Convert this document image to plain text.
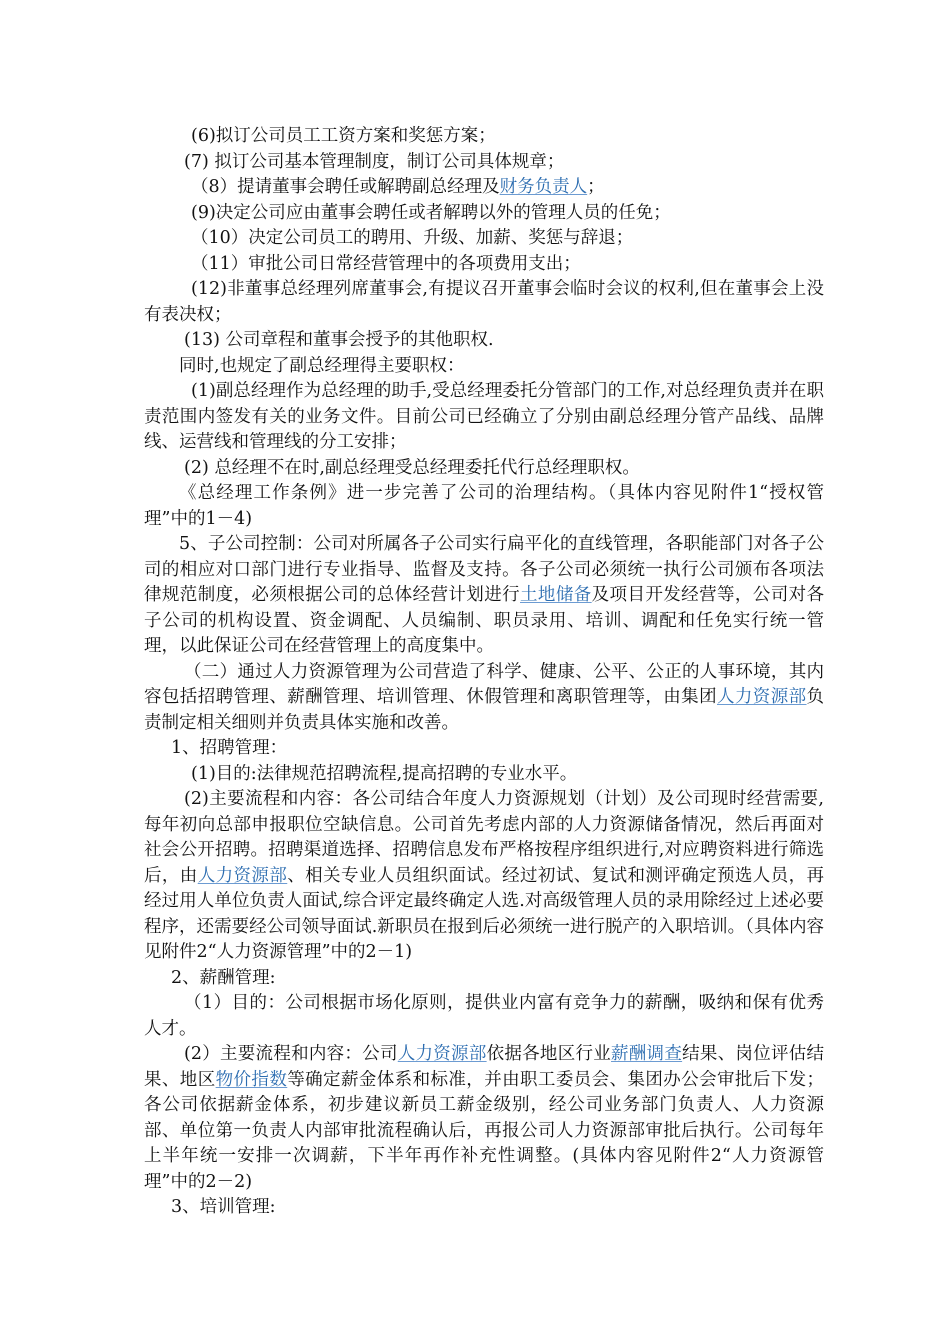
(6)拟订公司员工工资方案和奖惩方案；

(7) 拟订公司基本管理制度，制订公司具体规章；

（8）提请董事会聘任或解聘副总经理及财务负责人；

(9)决定公司应由董事会聘任或者解聘以外的管理人员的任免；

（10）决定公司员工的聘用、升级、加薪、奖惩与辞退；

（11）审批公司日常经营管理中的各项费用支出；

(12)非董事总经理列席董事会,有提议召开董事会临时会议的权利,但在董事会上没有表决权；

(13) 公司章程和董事会授予的其他职权.

同时,也规定了副总经理得主要职权：

(1)副总经理作为总经理的助手,受总经理委托分管部门的工作,对总经理负责并在职责范围内签发有关的业务文件。目前公司已经确立了分别由副总经理分管产品线、品牌线、运营线和管理线的分工安排；

(2) 总经理不在时,副总经理受总经理委托代行总经理职权。

《总经理工作条例》进一步完善了公司的治理结构。（具体内容见附件1“授权管理”中的1－4)

5、子公司控制：公司对所属各子公司实行扁平化的直线管理，各职能部门对各子公司的相应对口部门进行专业指导、监督及支持。各子公司必须统一执行公司颁布各项法律规范制度，必须根据公司的总体经营计划进行土地储备及项目开发经营等，公司对各子公司的机构设置、资金调配、人员编制、职员录用、培训、调配和任免实行统一管理，以此保证公司在经营管理上的高度集中。

（二）通过人力资源管理为公司营造了科学、健康、公平、公正的人事环境，其内容包括招聘管理、薪酬管理、培训管理、休假管理和离职管理等，由集团人力资源部负责制定相关细则并负责具体实施和改善。

1、招聘管理：

(1)目的:法律规范招聘流程,提高招聘的专业水平。

(2)主要流程和内容：各公司结合年度人力资源规划（计划）及公司现时经营需要,每年初向总部申报职位空缺信息。公司首先考虑内部的人力资源储备情况，然后再面对社会公开招聘。招聘渠道选择、招聘信息发布严格按程序组织进行,对应聘资料进行筛选后，由人力资源部、相关专业人员组织面试。经过初试、复试和测评确定预选人员，再经过用人单位负责人面试,综合评定最终确定人选.对高级管理人员的录用除经过上述必要程序，还需要经公司领导面试.新职员在报到后必须统一进行脱产的入职培训。（具体内容见附件2“人力资源管理”中的2－1)

2、薪酬管理:

（1）目的：公司根据市场化原则，提供业内富有竞争力的薪酬，吸纳和保有优秀人才。

(2）主要流程和内容：公司人力资源部依据各地区行业薪酬调查结果、岗位评估结果、地区物价指数等确定薪金体系和标准，并由职工委员会、集团办公会审批后下发；各公司依据薪金体系，初步建议新员工薪金级别，经公司业务部门负责人、人力资源部、单位第一负责人内部审批流程确认后，再报公司人力资源部审批后执行。公司每年上半年统一安排一次调薪，下半年再作补充性调整。(具体内容见附件2“人力资源管理”中的2－2)

3、培训管理:
